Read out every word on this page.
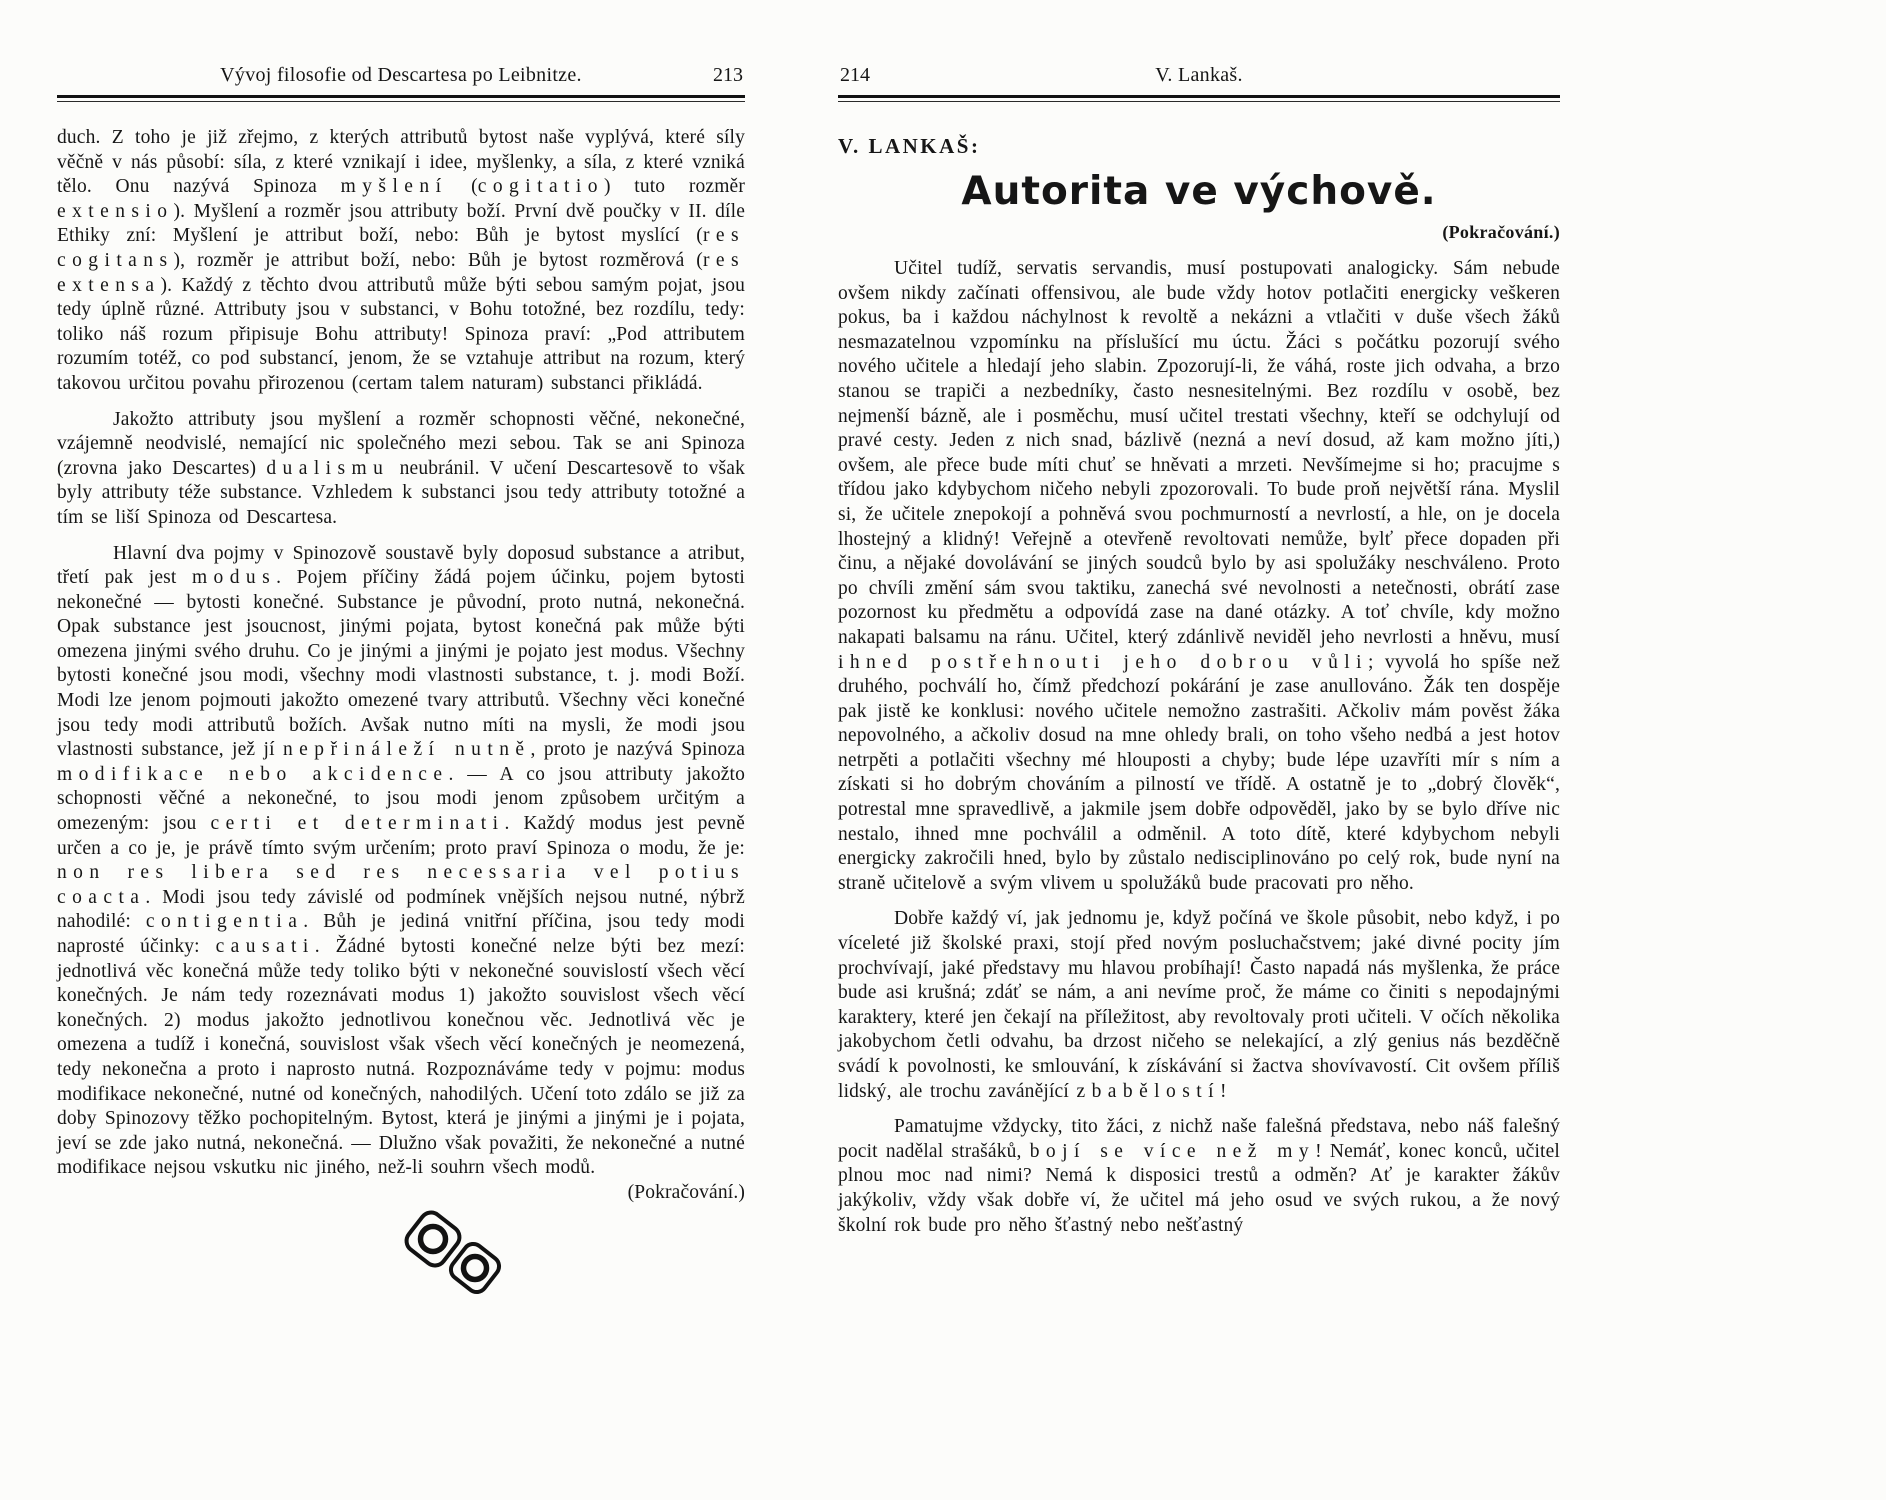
Vývoj filosofie od Descartesa po Leibnitze.	213

duch. Z toho je již zřejmo, z kterých attributů bytost naše vyplývá, které síly věčně v nás působí: síla, z které vznikají i idee, myšlenky, a síla, z které vzniká tělo. Onu nazývá Spinoza myšlení (cogitatio) tuto rozměr extensio). Myšlení a rozměr jsou attributy boží. První dvě poučky v II. díle Ethiky zní: Myšlení je attribut boží, nebo: Bůh je bytost myslící (res cogitans), rozměr je attribut boží, nebo: Bůh je bytost rozměrová (res extensa). Každý z těchto dvou attributů může býti sebou samým pojat, jsou tedy úplně různé. Attributy jsou v substanci, v Bohu totožné, bez rozdílu, tedy: toliko náš rozum připisuje Bohu attributy! Spinoza praví: „Pod attributem rozumím totéž, co pod substancí, jenom, že se vztahuje attribut na rozum, který takovou určitou povahu přirozenou (certam talem naturam) substanci přikládá.

Jakožto attributy jsou myšlení a rozměr schopnosti věčné, nekonečné, vzájemně neodvislé, nemající nic společného mezi sebou. Tak se ani Spinoza (zrovna jako Descartes) dualismu neubránil. V učení Descartesově to však byly attributy téže substance. Vzhledem k substanci jsou tedy attributy totožné a tím se liší Spinoza od Descartesa.

Hlavní dva pojmy v Spinozově soustavě byly doposud substance a atribut, třetí pak jest modus. Pojem příčiny žádá pojem účinku, pojem bytosti nekonečné — bytosti konečné. Substance je původní, proto nutná, nekonečná. Opak substance jest jsoucnost, jinými pojata, bytost konečná pak může býti omezena jinými svého druhu. Co je jinými a jinými je pojato jest modus. Všechny bytosti konečné jsou modi, všechny modi vlastnosti substance, t. j. modi Boží. Modi lze jenom pojmouti jakožto omezené tvary attributů. Všechny věci konečné jsou tedy modi attributů božích. Avšak nutno míti na mysli, že modi jsou vlastnosti substance, jež jí nepřináleží nutně, proto je nazývá Spinoza modifikace nebo akcidence. — A co jsou attributy jakožto schopnosti věčné a nekonečné, to jsou modi jenom způsobem určitým a omezeným: jsou certi et determinati. Každý modus jest pevně určen a co je, je právě tímto svým určením; proto praví Spinoza o modu, že je: non res libera sed res necessaria vel potius coacta. Modi jsou tedy závislé od podmínek vnějších nejsou nutné, nýbrž nahodilé: contigentia. Bůh je jediná vnitřní příčina, jsou tedy modi naprosté účinky: causati. Žádné bytosti konečné nelze býti bez mezí: jednotlivá věc konečná může tedy toliko býti v nekonečné souvislostí všech věcí konečných. Je nám tedy rozeznávati modus 1) jakožto souvislost všech věcí konečných. 2) modus jakožto jednotlivou konečnou věc. Jednotlivá věc je omezena a tudíž i konečná, souvislost však všech věcí konečných je neomezená, tedy nekonečna a proto i naprosto nutná. Rozpoznáváme tedy v pojmu: modus modifikace nekonečné, nutné od konečných, nahodilých. Učení toto zdálo se již za doby Spinozovy těžko pochopitelným. Bytost, která je jinými a jinými je i pojata, jeví se zde jako nutná, nekonečná. — Dlužno však považiti, že nekonečné a nutné modifikace nejsou vskutku nic jiného, než-li souhrn všech modů.
(Pokračování.)

V. Lankaš.
214
V. LANKAŠ:
Autorita ve výchově.
(Pokračování.)

Učitel tudíž, servatis servandis, musí postupovati analogicky. Sám nebude ovšem nikdy začínati offensivou, ale bude vždy hotov potlačiti energicky veškeren pokus, ba i každou náchylnost k revoltě a nekázni a vtlačiti v duše všech žáků nesmazatelnou vzpomínku na příslušící mu úctu. Žáci s počátku pozorují svého nového učitele a hledají jeho slabin. Zpozorují-li, že váhá, roste jich odvaha, a brzo stanou se trapiči a nezbedníky, často nesnesitelnými. Bez rozdílu v osobě, bez nejmenší bázně, ale i posměchu, musí učitel trestati všechny, kteří se odchylují od pravé cesty. Jeden z nich snad, bázlivě (nezná a neví dosud, až kam možno jíti,) ovšem, ale přece bude míti chuť se hněvati a mrzeti. Nevšímejme si ho; pracujme s třídou jako kdybychom ničeho nebyli zpozorovali. To bude proň největší rána. Myslil si, že učitele znepokojí a pohněvá svou pochmurností a nevrlostí, a hle, on je docela lhostejný a klidný! Veřejně a otevřeně revoltovati nemůže, bylť přece dopaden při činu, a nějaké dovolávání se jiných soudců bylo by asi spolužáky neschváleno. Proto po chvíli změní sám svou taktiku, zanechá své nevolnosti a netečnosti, obrátí zase pozornost ku předmětu a odpovídá zase na dané otázky. A toť chvíle, kdy možno nakapati balsamu na ránu. Učitel, který zdánlivě neviděl jeho nevrlosti a hněvu, musí ihned postřehnouti jeho dobrou vůli; vyvolá ho spíše než druhého, pochválí ho, čímž předchozí pokárání je zase anullováno. Žák ten dospěje pak jistě ke konklusi: nového učitele nemožno zastrašiti. Ačkoliv mám pověst žáka nepovolného, a ačkoliv dosud na mne ohledy brali, on toho všeho nedbá a jest hotov netrpěti a potlačiti všechny mé hlouposti a chyby; bude lépe uzavříti mír s ním a získati si ho dobrým chováním a pilností ve třídě. A ostatně je to „dobrý člověk“, potrestal mne spravedlivě, a jakmile jsem dobře odpověděl, jako by se bylo dříve nic nestalo, ihned mne pochválil a odměnil. A toto dítě, které kdybychom nebyli energicky zakročili hned, bylo by zůstalo nedisciplinováno po celý rok, bude nyní na straně učitelově a svým vlivem u spolužáků bude pracovati pro něho.

Dobře každý ví, jak jednomu je, když počíná ve škole působit, nebo když, i po víceleté již školské praxi, stojí před novým posluchačstvem; jaké divné pocity jím prochvívají, jaké představy mu hlavou probíhají! Často napadá nás myšlenka, že práce bude asi krušná; zdáť se nám, a ani nevíme proč, že máme co činiti s nepodajnými karaktery, které jen čekají na příležitost, aby revoltovaly proti učiteli. V očích několika jakobychom četli odvahu, ba drzost ničeho se nelekající, a zlý genius nás bezděčně svádí k povolnosti, ke smlouvání, k získávání si žactva shovívavostí. Cit ovšem příliš lidský, ale trochu zavánějící zbabělostí!

Pamatujme vždycky, tito žáci, z nichž naše falešná představa, nebo náš falešný pocit nadělal strašáků, bojí se více než my! Nemáť, konec konců, učitel plnou moc nad nimi? Nemá k disposici trestů a odměn? Ať je karakter žákův jakýkoliv, vždy však dobře ví, že učitel má jeho osud ve svých rukou, a že nový školní rok bude pro něho šťastný nebo nešťastný
